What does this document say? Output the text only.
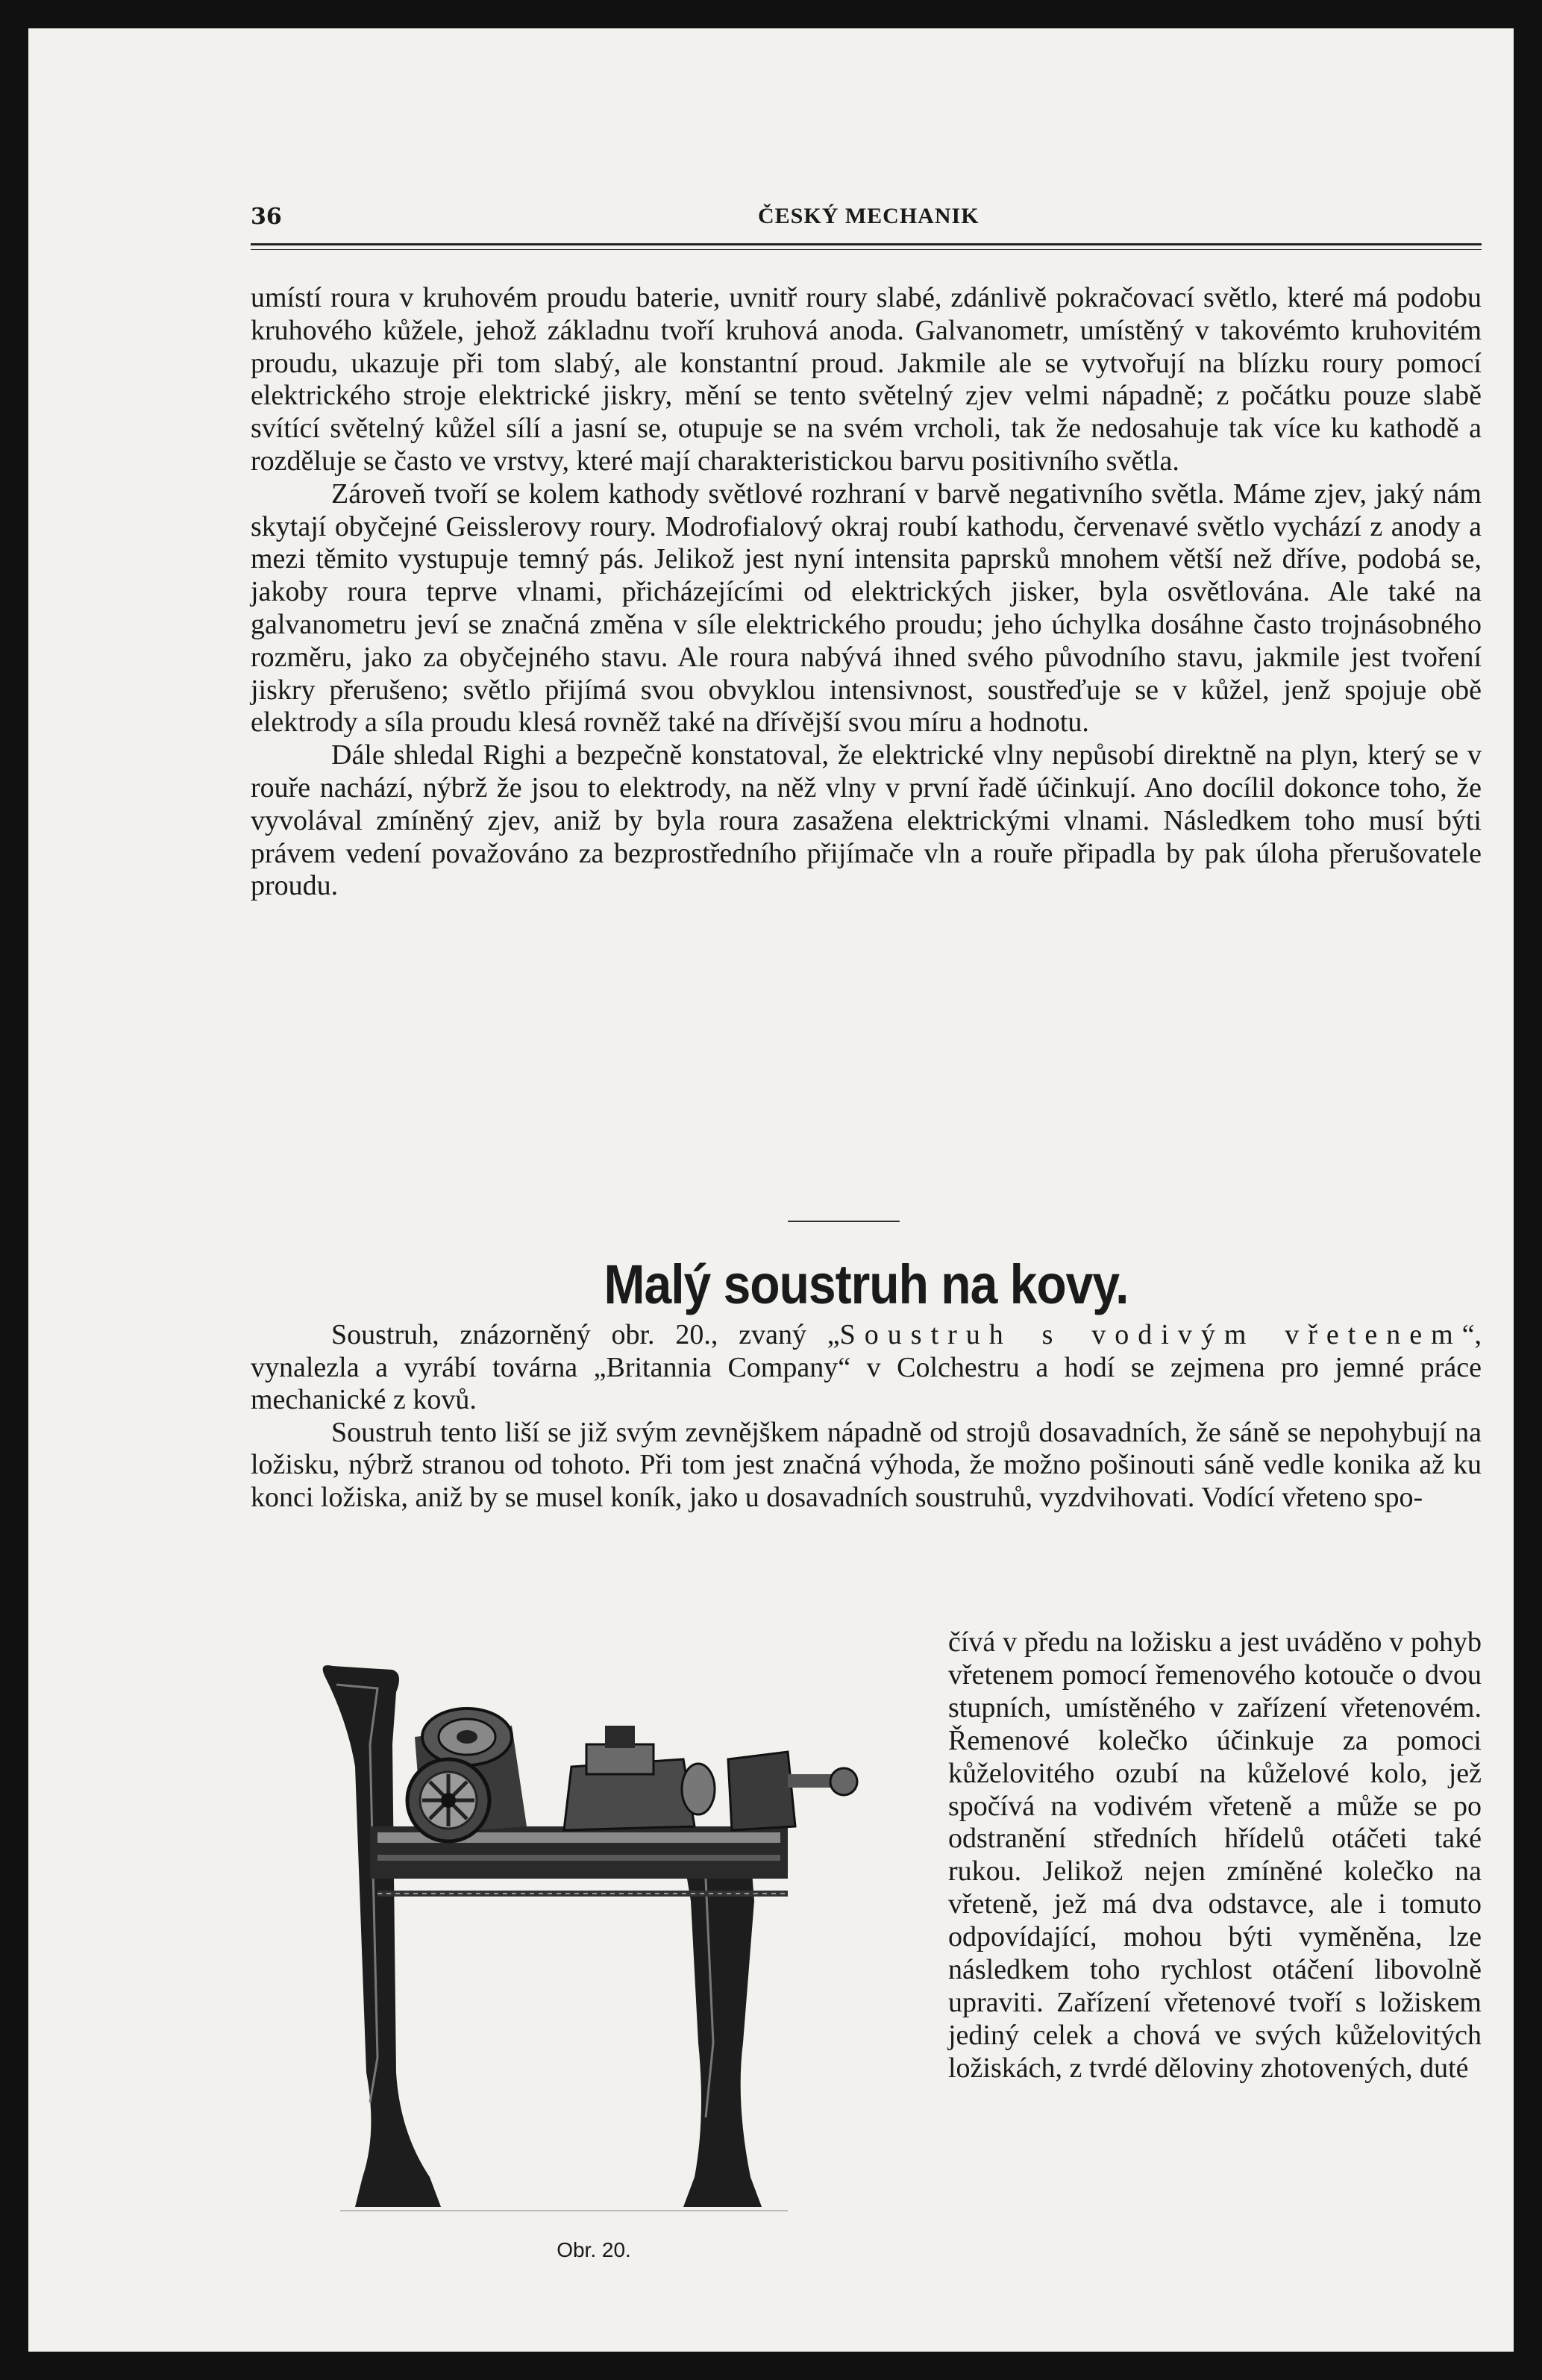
36	ČESKÝ MECHANIK

umístí roura v kruhovém proudu baterie, uvnitř roury slabé, zdánlivě pokračovací světlo, které má podobu kruhového kůžele, jehož základnu tvoří kruhová anoda. Galvanometr, umístěný v takovémto kruhovitém proudu, ukazuje při tom slabý, ale konstantní proud. Jakmile ale se vytvořují na blízku roury pomocí elektrického stroje elektrické jiskry, mění se tento světelný zjev velmi nápadně; z počátku pouze slabě svítící světelný kůžel sílí a jasní se, otupuje se na svém vrcholi, tak že nedosahuje tak více ku kathodě a rozděluje se často ve vrstvy, které mají charakteristickou barvu positivního světla.

Zároveň tvoří se kolem kathody světlové rozhraní v barvě negativního světla. Máme zjev, jaký nám skytají obyčejné Geisslerovy roury. Modrofialový okraj roubí kathodu, červenavé světlo vychází z anody a mezi těmito vystupuje temný pás. Jelikož jest nyní intensita paprsků mnohem větší než dříve, podobá se, jakoby roura teprve vlnami, přicházejícími od elektrických jisker, byla osvětlována. Ale také na galvanometru jeví se značná změna v síle elektrického proudu; jeho úchylka dosáhne často trojnásobného rozměru, jako za obyčejného stavu. Ale roura nabývá ihned svého původního stavu, jakmile jest tvoření jiskry přerušeno; světlo přijímá svou obvyklou intensivnost, soustřeďuje se v kůžel, jenž spojuje obě elektrody a síla proudu klesá rovněž také na dřívější svou míru a hodnotu.

Dále shledal Righi a bezpečně konstatoval, že elektrické vlny nepůsobí direktně na plyn, který se v rouře nachází, nýbrž že jsou to elektrody, na něž vlny v první řadě účinkují. Ano docílil dokonce toho, že vyvolával zmíněný zjev, aniž by byla roura zasažena elektrickými vlnami. Následkem toho musí býti právem vedení považováno za bezprostředního přijímače vln a rouře připadla by pak úloha přerušovatele proudu.

Malý soustruh na kovy.

Soustruh, znázorněný obr. 20., zvaný „Soustruh s vodivým vřetenem“, vynalezla a vyrábí továrna „Britannia Company“ v Colchestru a hodí se zejmena pro jemné práce mechanické z kovů.

Soustruh tento liší se již svým zevnějškem nápadně od strojů dosavadních, že sáně se nepohybují na ložisku, nýbrž stranou od tohoto. Při tom jest značná výhoda, že možno pošinouti sáně vedle konika až ku konci ložiska, aniž by se musel koník, jako u dosavadních soustruhů, vyzdvihovati. Vodící vřeteno spo-

čívá v předu na ložisku a jest uváděno v pohyb vřetenem pomocí řemenového kotouče o dvou stupních, umístěného v zařízení vřetenovém. Řemenové kolečko účinkuje za pomoci kůželovitého ozubí na kůželové kolo, jež spočívá na vodivém vřeteně a může se po odstranění středních hřídelů otáčeti také rukou. Jelikož nejen zmíněné kolečko na vřeteně, jež má dva odstavce, ale i tomuto odpovídající, mohou býti vyměněna, lze následkem toho rychlost otáčení libovolně upraviti. Zařízení vřetenové tvoří s ložiskem jediný celek a chová ve svých kůželovitých ložiskách, z tvrdé děloviny zhotovených, duté

Obr. 20.
